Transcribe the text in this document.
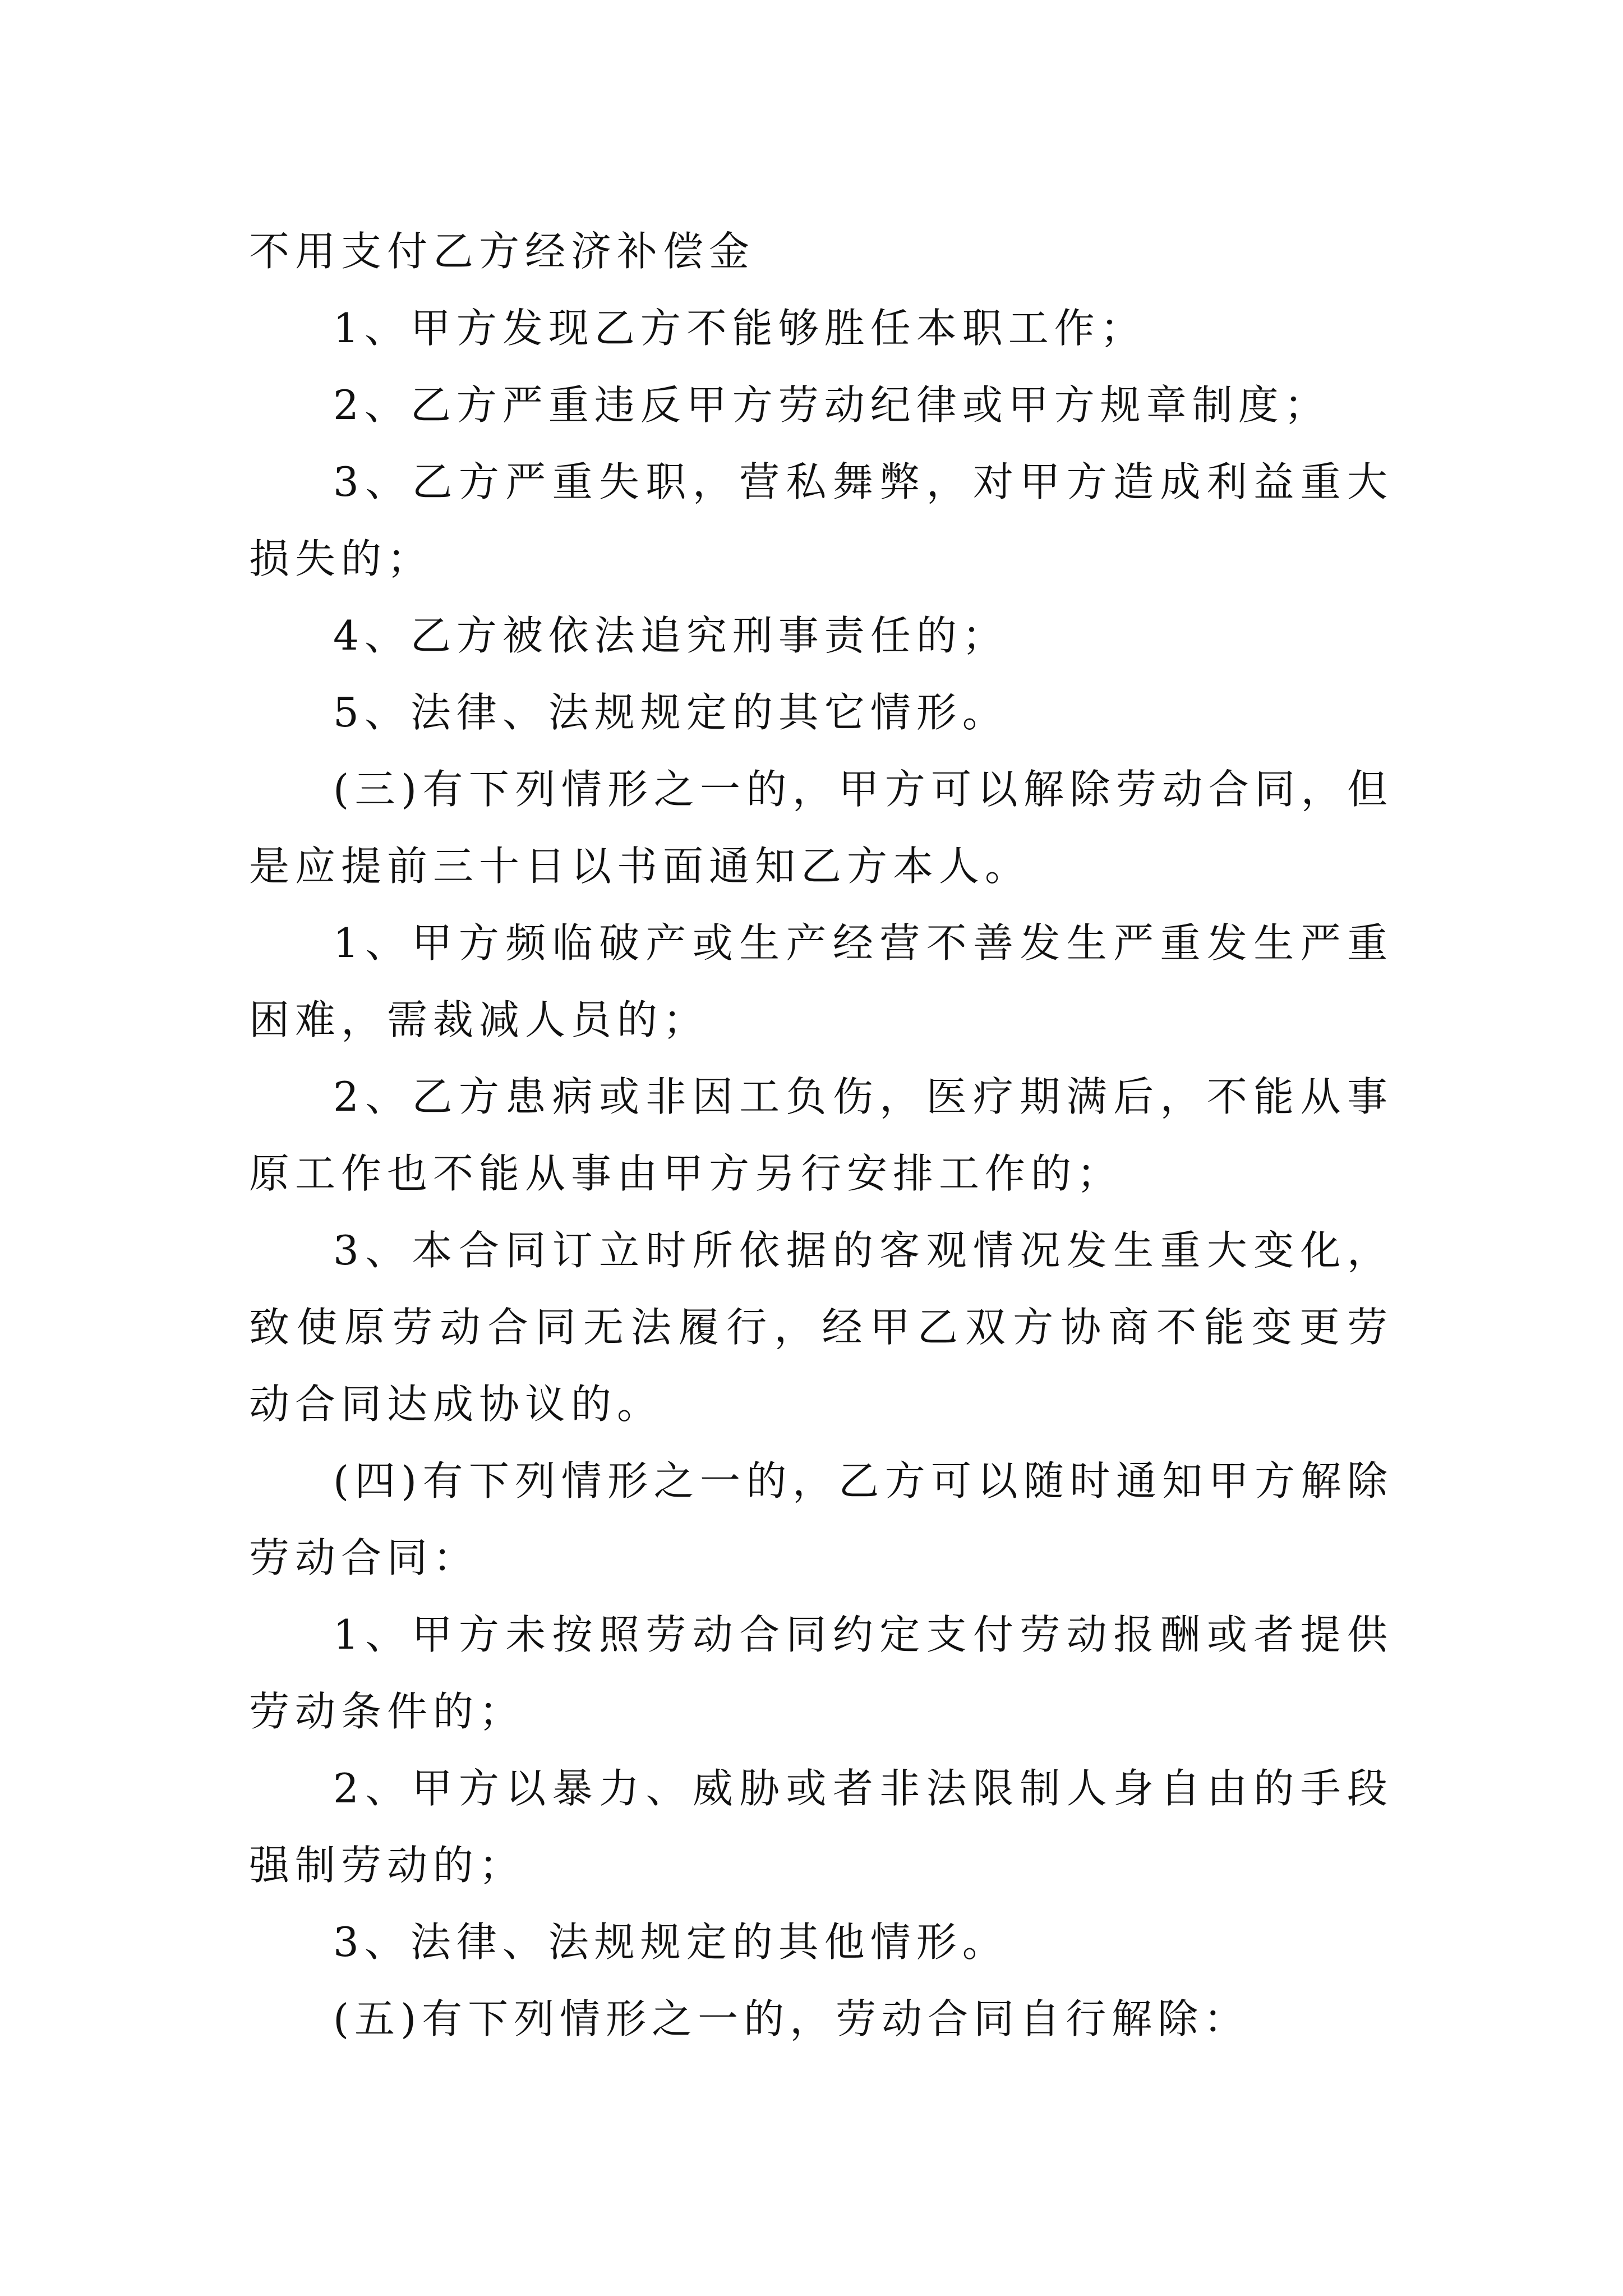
不用支付乙方经济补偿金

1、甲方发现乙方不能够胜任本职工作；

2、乙方严重违反甲方劳动纪律或甲方规章制度；

3、乙方严重失职，营私舞弊，对甲方造成利益重大损失的；

4、乙方被依法追究刑事责任的；

5、法律、法规规定的其它情形。

(三)有下列情形之一的，甲方可以解除劳动合同，但是应提前三十日以书面通知乙方本人。

1、甲方频临破产或生产经营不善发生严重发生严重困难，需裁减人员的；

2、乙方患病或非因工负伤，医疗期满后，不能从事原工作也不能从事由甲方另行安排工作的；

3、本合同订立时所依据的客观情况发生重大变化，致使原劳动合同无法履行，经甲乙双方协商不能变更劳动合同达成协议的。

(四)有下列情形之一的，乙方可以随时通知甲方解除劳动合同：

1、甲方未按照劳动合同约定支付劳动报酬或者提供劳动条件的；

2、甲方以暴力、威胁或者非法限制人身自由的手段强制劳动的；

3、法律、法规规定的其他情形。

(五)有下列情形之一的，劳动合同自行解除：
